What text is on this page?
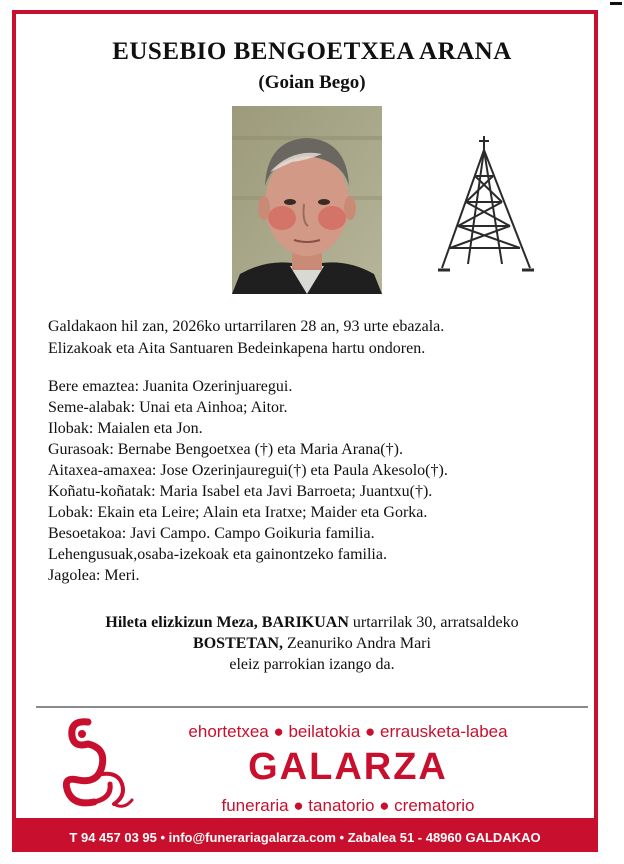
EUSEBIO BENGOETXEA ARANA
(Goian Bego)
Galdakaon hil zan, 2026ko urtarrilaren 28 an, 93 urte ebazala.
Elizakoak eta Aita Santuaren Bedeinkapena hartu ondoren.
Bere emaztea: Juanita Ozerinjuaregui.
Seme-alabak: Unai eta Ainhoa; Aitor.
Ilobak: Maialen eta Jon.
Gurasoak: Bernabe Bengoetxea (†) eta Maria Arana(†).
Aitaxea-amaxea: Jose Ozerinjauregui(†) eta Paula Akesolo(†).
Koñatu-koñatak: Maria Isabel eta Javi Barroeta; Juantxu(†).
Lobak: Ekain eta Leire; Alain eta Iratxe; Maider eta Gorka.
Besoetakoa: Javi Campo. Campo Goikuria familia.
Lehengusuak,osaba-izekoak eta gainontzeko familia.
Jagolea: Meri.
Hileta elizkizun Meza, BARIKUAN urtarrilak 30, arratsaldeko
BOSTETAN, Zeanuriko Andra Mari
eleiz parrokian izango da.
ehortetxea ● beilatokia ● errausketa-labea
GALARZA
funeraria ● tanatorio ● crematorio
T 94 457 03 95 • info@funerariagalarza.com • Zabalea 51 - 48960 GALDAKAO
